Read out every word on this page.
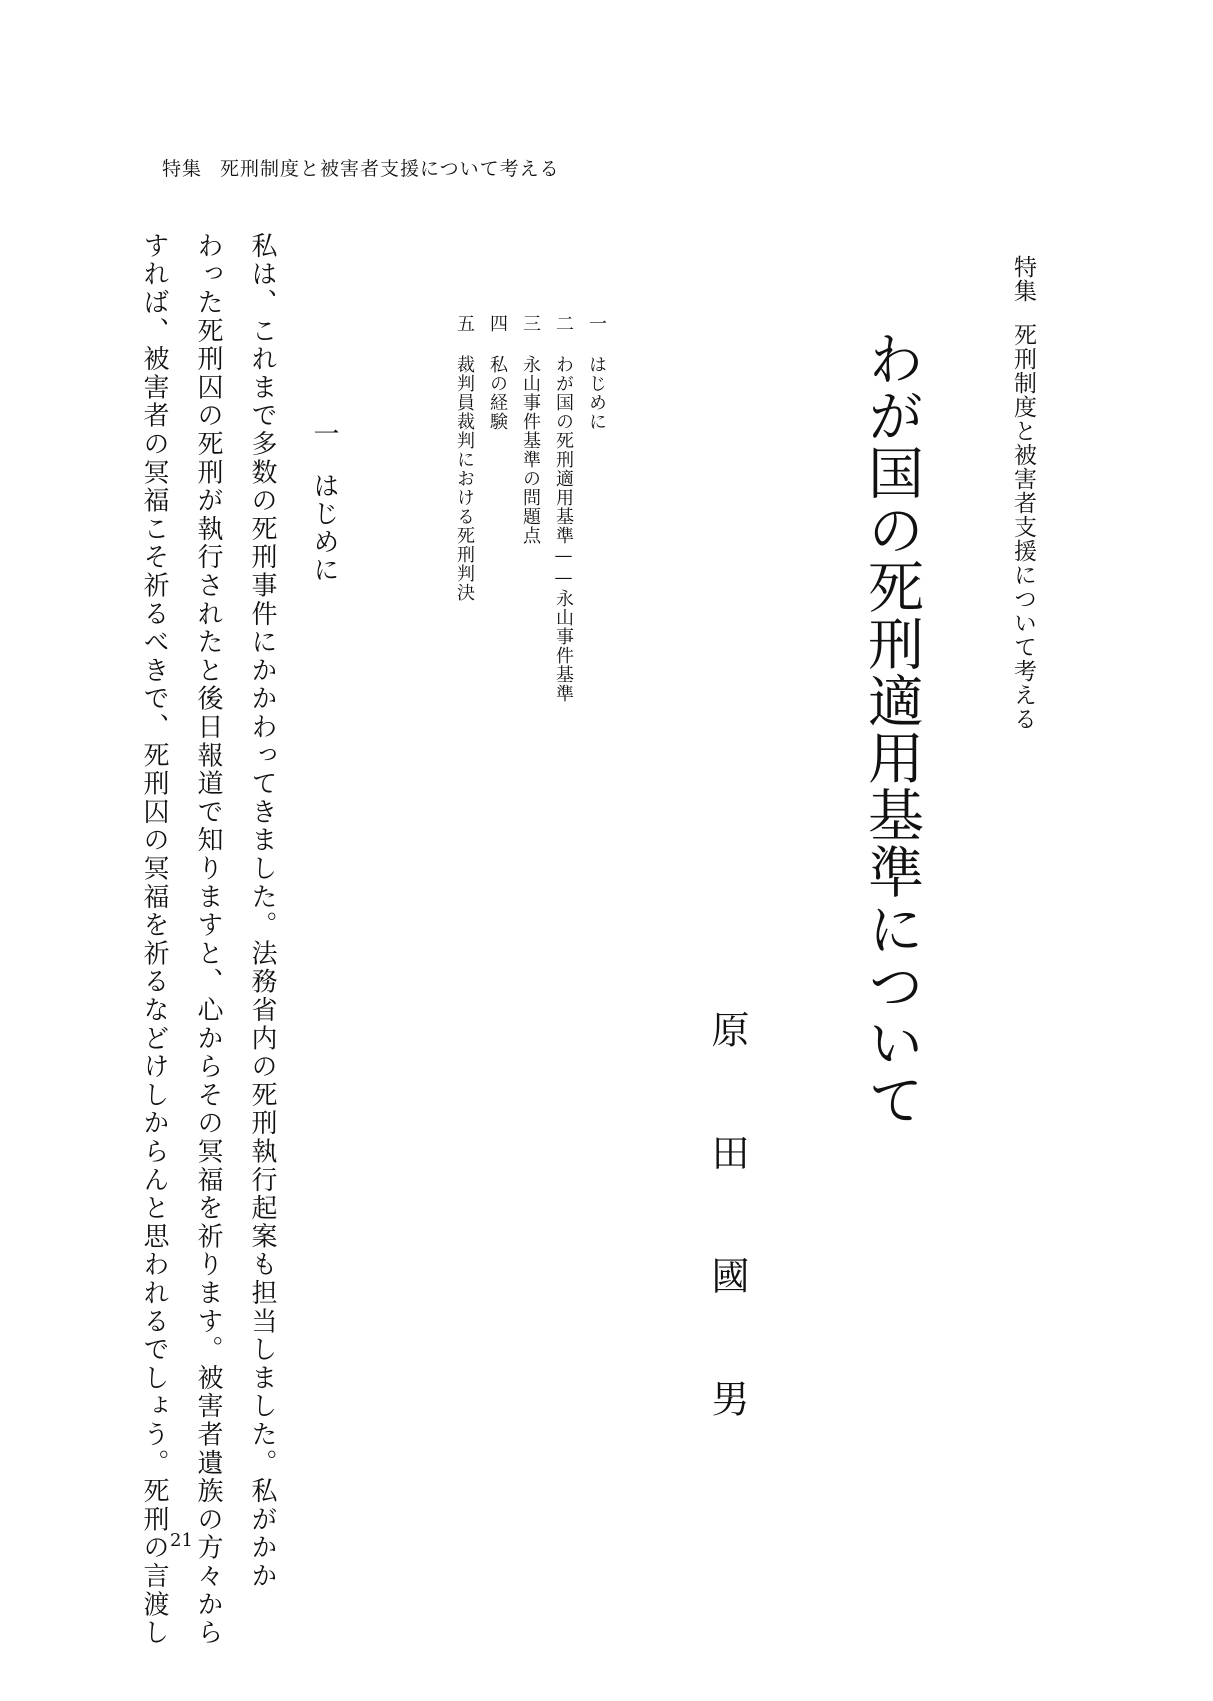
特集 死刑制度と被害者支援について考える
特集死刑制度と被害者支援について考える
わが国の死刑適用基準について
原田國男
一はじめに
二わが国の死刑適用基準——永山事件基準
三永山事件基準の問題点
四私の経験
五裁判員裁判における死刑判決
一はじめに
私は、これまで多数の死刑事件にかかわってきました。法務省内の死刑執行起案も担当しました。私がかか
わった死刑囚の死刑が執行されたと後日報道で知りますと、心からその冥福を祈ります。被害者遺族の方々から
すれば、被害者の冥福こそ祈るべきで、死刑囚の冥福を祈るなどけしからんと思われるでしょう。死刑の言渡し 21
